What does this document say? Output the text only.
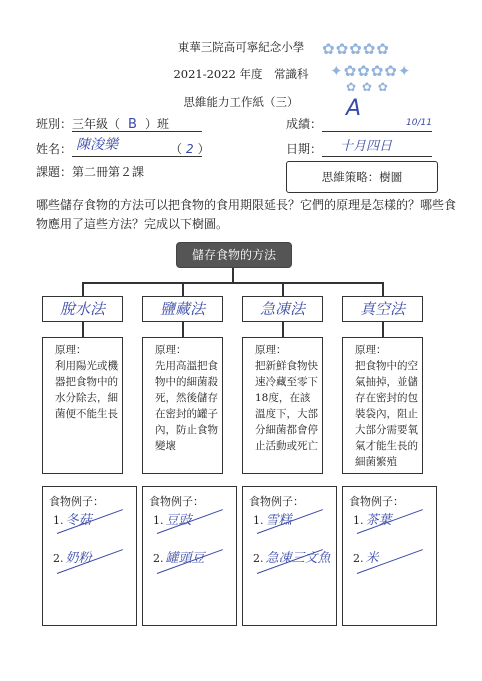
東華三院高可寧紀念小學
2021-2022 年度　常識科
思維能力工作紙（三）
✿✿✿✿✿
✦✿✿✿✿✦
✿ ✿ ✿
班別：三年級（ B ）班
姓名： 陳浚樂	（ 2 ）
成績：
A
10/11
日期： 十月四日
課題：第二冊第２課	思維策略：樹圖
哪些儲存食物的方法可以把食物的食用期限延長？它們的原理是怎樣的？哪些食物應用了這些方法？完成以下樹圖。
儲存食物的方法
脫水法
原理：
利用陽光或機器把食物中的水分除去，細菌便不能生長
食物例子：
1. 冬菇
2. 奶粉
鹽藏法
原理：
先用高溫把食物中的細菌殺死，然後儲存在密封的罐子內，防止食物變壞
食物例子：
1. 豆豉
2. 罐頭豆
急凍法
原理：
把新鮮食物快速冷藏至零下18度，在該溫度下，大部分細菌都會停止活動或死亡
食物例子：
1. 雪糕
2. 急凍三文魚
真空法
原理：
把食物中的空氣抽掉，並儲存在密封的包裝袋內，阻止大部分需要氧氣才能生長的細菌繁殖
食物例子：
1. 茶葉
2. 米
